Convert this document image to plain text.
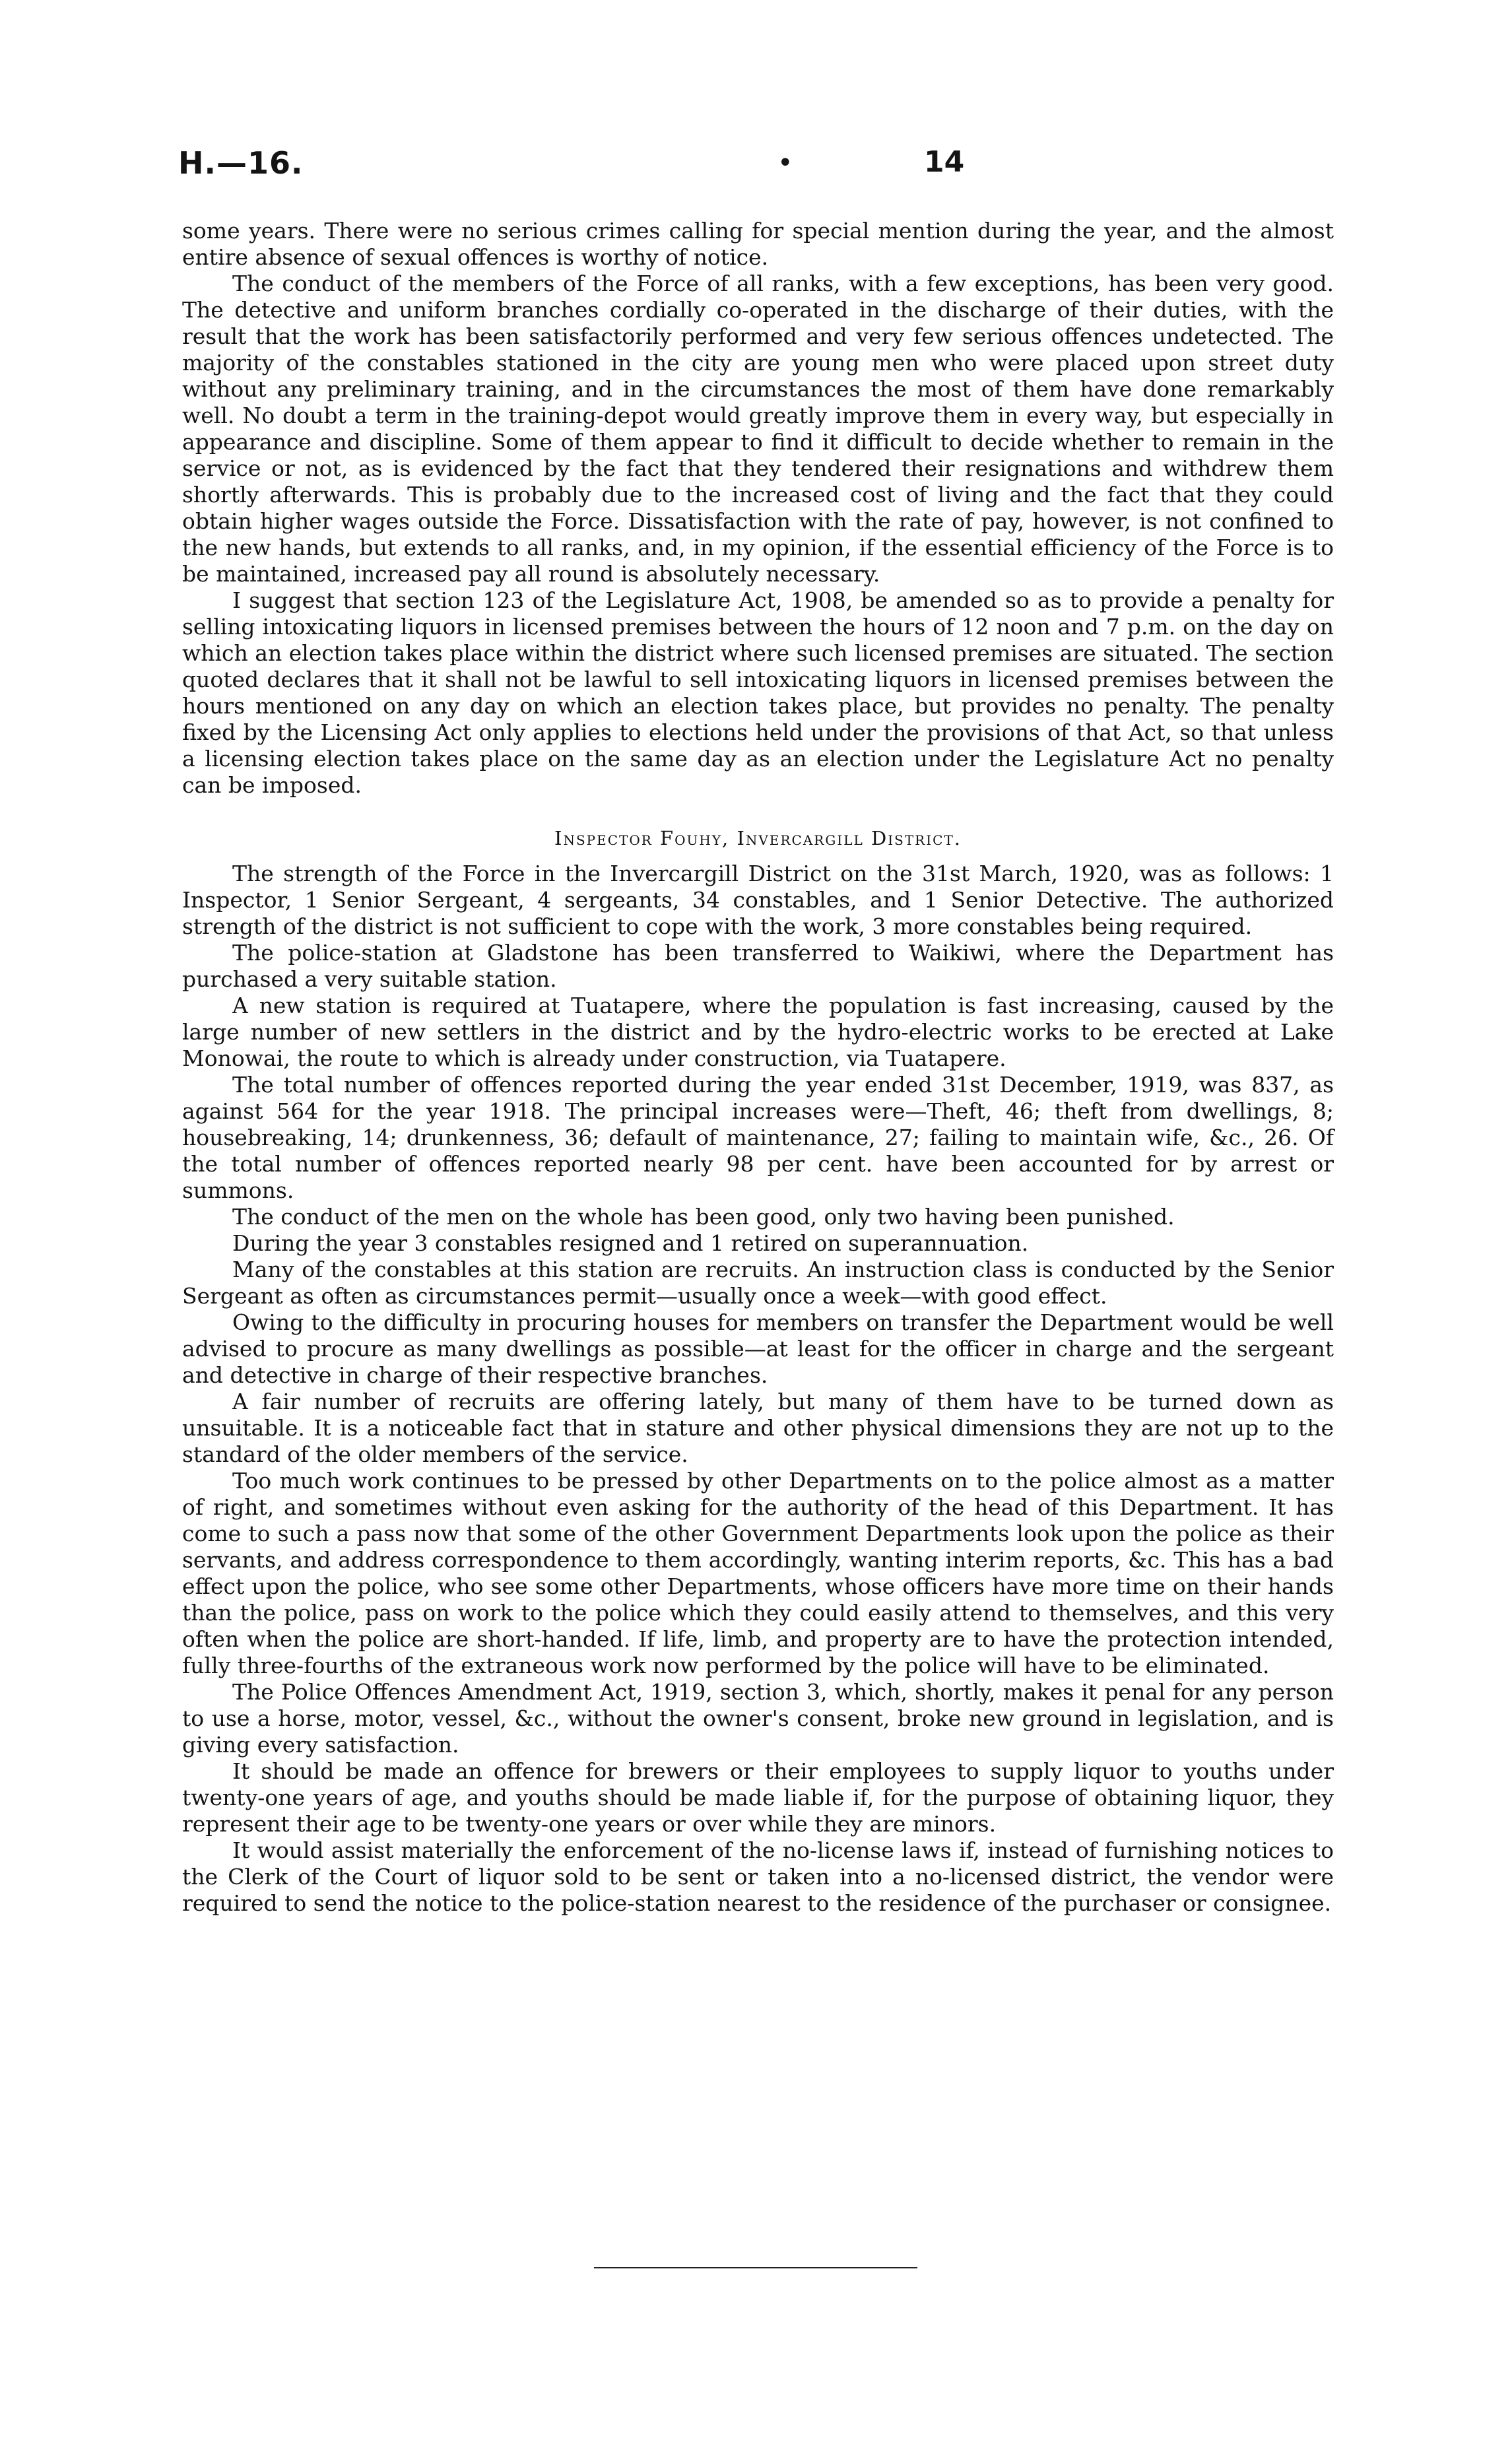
H.—16.	•	14

some years. There were no serious crimes calling for special mention during the year, and the almost entire absence of sexual offences is worthy of notice.

The conduct of the members of the Force of all ranks, with a few exceptions, has been very good. The detective and uniform branches cordially co-operated in the discharge of their duties, with the result that the work has been satisfactorily performed and very few serious offences undetected. The majority of the constables stationed in the city are young men who were placed upon street duty without any preliminary training, and in the circumstances the most of them have done remarkably well. No doubt a term in the training-depot would greatly improve them in every way, but especially in appearance and discipline. Some of them appear to find it difficult to decide whether to remain in the service or not, as is evidenced by the fact that they tendered their resignations and withdrew them shortly afterwards. This is probably due to the increased cost of living and the fact that they could obtain higher wages outside the Force. Dissatisfaction with the rate of pay, however, is not confined to the new hands, but extends to all ranks, and, in my opinion, if the essential efficiency of the Force is to be maintained, increased pay all round is absolutely necessary.

I suggest that section 123 of the Legislature Act, 1908, be amended so as to provide a penalty for selling intoxicating liquors in licensed premises between the hours of 12 noon and 7 p.m. on the day on which an election takes place within the district where such licensed premises are situated. The section quoted declares that it shall not be lawful to sell intoxicating liquors in licensed premises between the hours mentioned on any day on which an election takes place, but provides no penalty. The penalty fixed by the Licensing Act only applies to elections held under the provisions of that Act, so that unless a licensing election takes place on the same day as an election under the Legislature Act no penalty can be imposed.

Inspector Fouhy, Invercargill District.

The strength of the Force in the Invercargill District on the 31st March, 1920, was as follows: 1 Inspector, 1 Senior Sergeant, 4 sergeants, 34 constables, and 1 Senior Detective. The authorized strength of the district is not sufficient to cope with the work, 3 more constables being required.

The police-station at Gladstone has been transferred to Waikiwi, where the Department has purchased a very suitable station.

A new station is required at Tuatapere, where the population is fast increasing, caused by the large number of new settlers in the district and by the hydro-electric works to be erected at Lake Monowai, the route to which is already under construction, via Tuatapere.

The total number of offences reported during the year ended 31st December, 1919, was 837, as against 564 for the year 1918. The principal increases were—Theft, 46; theft from dwellings, 8; housebreaking, 14; drunkenness, 36; default of maintenance, 27; failing to maintain wife, &c., 26. Of the total number of offences reported nearly 98 per cent. have been accounted for by arrest or summons.

The conduct of the men on the whole has been good, only two having been punished.

During the year 3 constables resigned and 1 retired on superannuation.

Many of the constables at this station are recruits. An instruction class is conducted by the Senior Sergeant as often as circumstances permit—usually once a week—with good effect.

Owing to the difficulty in procuring houses for members on transfer the Department would be well advised to procure as many dwellings as possible—at least for the officer in charge and the sergeant and detective in charge of their respective branches.

A fair number of recruits are offering lately, but many of them have to be turned down as unsuitable. It is a noticeable fact that in stature and other physical dimensions they are not up to the standard of the older members of the service.

Too much work continues to be pressed by other Departments on to the police almost as a matter of right, and sometimes without even asking for the authority of the head of this Department. It has come to such a pass now that some of the other Government Departments look upon the police as their servants, and address correspondence to them accordingly, wanting interim reports, &c. This has a bad effect upon the police, who see some other Departments, whose officers have more time on their hands than the police, pass on work to the police which they could easily attend to themselves, and this very often when the police are short-handed. If life, limb, and property are to have the protection intended, fully three-fourths of the extraneous work now performed by the police will have to be eliminated.

The Police Offences Amendment Act, 1919, section 3, which, shortly, makes it penal for any person to use a horse, motor, vessel, &c., without the owner's consent, broke new ground in legislation, and is giving every satisfaction.

It should be made an offence for brewers or their employees to supply liquor to youths under twenty-one years of age, and youths should be made liable if, for the purpose of obtaining liquor, they represent their age to be twenty-one years or over while they are minors.

It would assist materially the enforcement of the no-license laws if, instead of furnishing notices to the Clerk of the Court of liquor sold to be sent or taken into a no-licensed district, the vendor were required to send the notice to the police-station nearest to the residence of the purchaser or consignee.
